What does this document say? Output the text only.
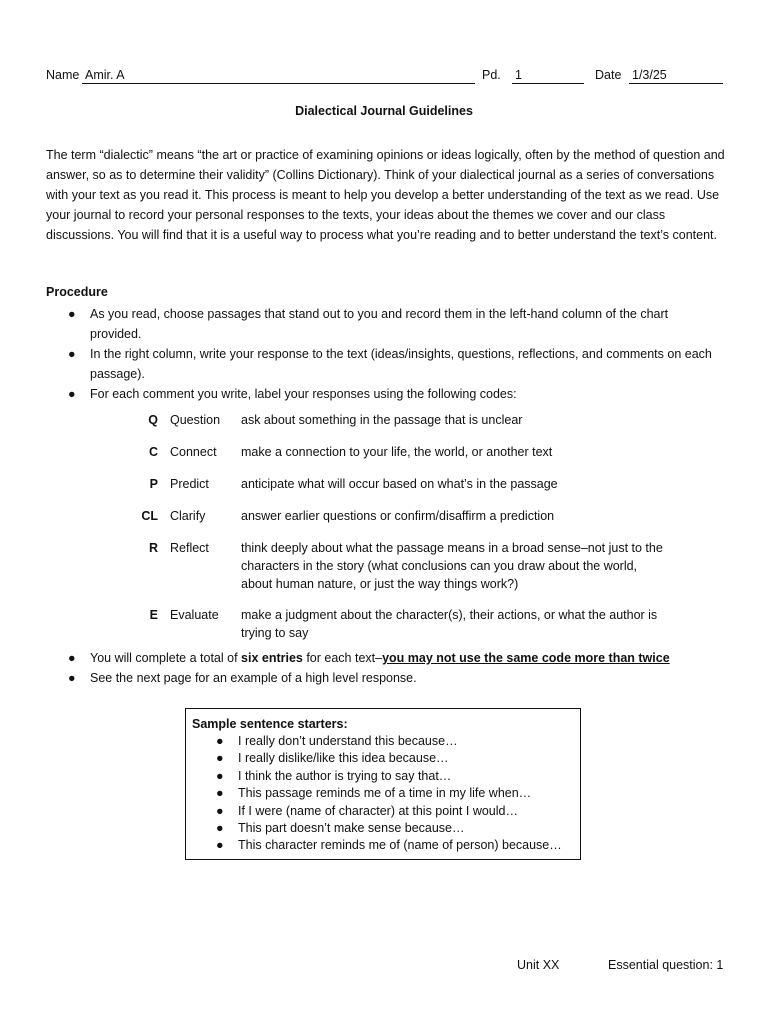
Name Amir. A	Pd. 1	Date 1/3/25
Dialectical Journal Guidelines
The term “dialectic” means “the art or practice of examining opinions or ideas logically, often by the method of question and answer, so as to determine their validity” (Collins Dictionary). Think of your dialectical journal as a series of conversations with your text as you read it. This process is meant to help you develop a better understanding of the text as we read. Use your journal to record your personal responses to the texts, your ideas about the themes we cover and our class discussions. You will find that it is a useful way to process what you’re reading and to better understand the text’s content.
Procedure
● As you read, choose passages that stand out to you and record them in the left-hand column of the chart provided.
● In the right column, write your response to the text (ideas/insights, questions, reflections, and comments on each passage).
● For each comment you write, label your responses using the following codes:
Q Question ask about something in the passage that is unclear
C Connect make a connection to your life, the world, or another text
P Predict	anticipate what will occur based on what’s in the passage
CL Clarify	answer earlier questions or confirm/disaffirm a prediction
R Reflect	think deeply about what the passage means in a broad sense–not just to the characters in the story (what conclusions can you draw about the world, about human nature, or just the way things work?)
E Evaluate make a judgment about the character(s), their actions, or what the author is trying to say
● You will complete a total of six entries for each text–you may not use the same code more than twice
● See the next page for an example of a high level response.
Sample sentence starters:
● I really don’t understand this because…
● I really dislike/like this idea because…
● I think the author is trying to say that…
● This passage reminds me of a time in my life when…
● If I were (name of character) at this point I would…
● This part doesn’t make sense because…
● This character reminds me of (name of person) because…
Unit XX	Essential question: 1
